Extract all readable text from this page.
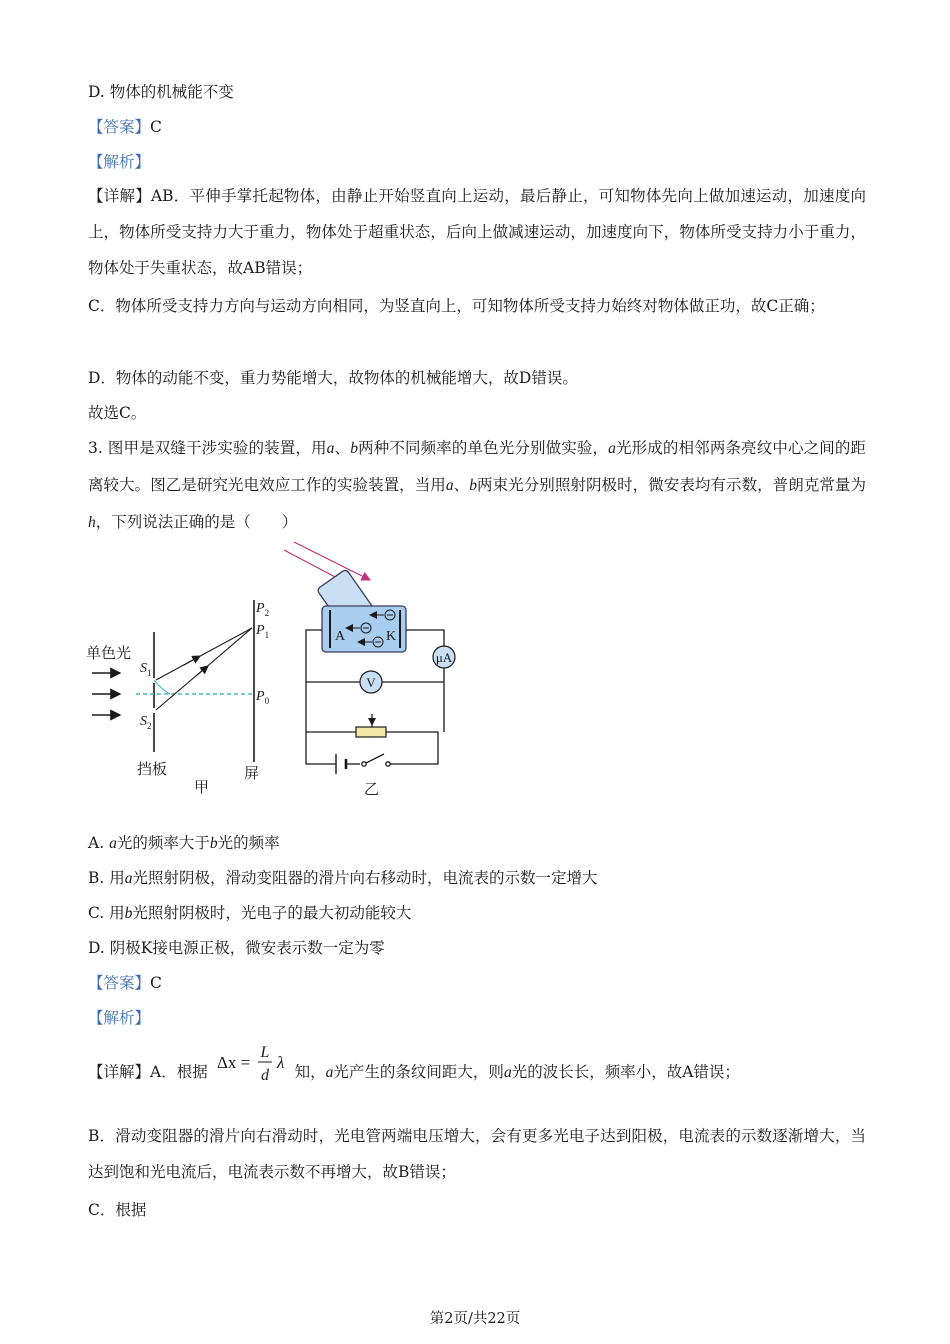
D. 物体的机械能不变
【答案】C
【解析】
【详解】AB．平伸手掌托起物体，由静止开始竖直向上运动，最后静止，可知物体先向上做加速运动，加速度向上，物体所受支持力大于重力，物体处于超重状态，后向上做减速运动，加速度向下，物体所受支持力小于重力，物体处于失重状态，故AB错误；
C．物体所受支持力方向与运动方向相同，为竖直向上，可知物体所受支持力始终对物体做正功，故C正确；
D．物体的动能不变，重力势能增大，故物体的机械能增大，故D错误。
故选C。
3. 图甲是双缝干涉实验的装置，用a、b两种不同频率的单色光分别做实验，a光形成的相邻两条亮纹中心之间的距离较大。图乙是研究光电效应工作的实验装置，当用a、b两束光分别照射阴极时，微安表均有示数，普朗克常量为h，下列说法正确的是（　　）
单色光
$S_1$
$S_2$
$P_2$
$P_1$
$P_0$
挡板	屏
甲
A	K
μA
V
乙
A. a光的频率大于b光的频率
B. 用a光照射阴极，滑动变阻器的滑片向右移动时，电流表的示数一定增大
C. 用b光照射阴极时，光电子的最大初动能较大
D. 阴极K接电源正极，微安表示数一定为零
【答案】C
【解析】
【详解】A．根据 Δx =
L
d
λ 知，a光产生的条纹间距大，则a光的波长长，频率小，故A错误；
B．滑动变阻器的滑片向右滑动时，光电管两端电压增大，会有更多光电子达到阳极，电流表的示数逐渐增大，当达到饱和光电流后，电流表示数不再增大，故B错误；
C．根据
第2页/共22页
